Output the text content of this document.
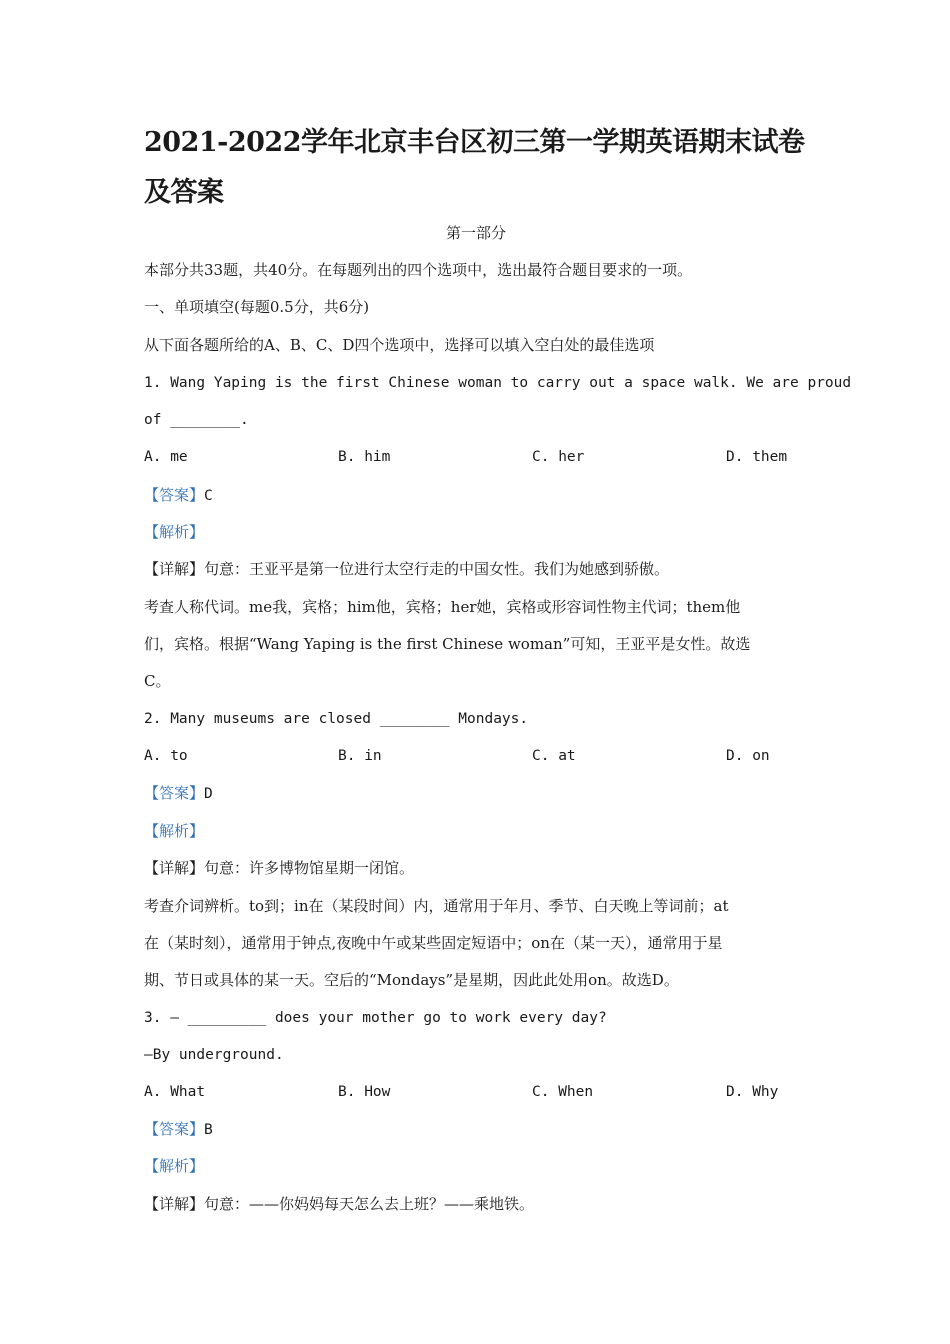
2021-2022学年北京丰台区初三第一学期英语期末试卷及答案
第一部分
本部分共33题，共40分。在每题列出的四个选项中，选出最符合题目要求的一项。
一、单项填空(每题0.5分，共6分)
从下面各题所给的A、B、C、D四个选项中，选择可以填入空白处的最佳选项
1. Wang Yaping is the first Chinese woman to carry out a space walk. We are proud
of ________.
A. me	B. him	C. her	D. them
【答案】C
【解析】
【详解】句意：王亚平是第一位进行太空行走的中国女性。我们为她感到骄傲。
考查人称代词。me我，宾格；him他，宾格；her她，宾格或形容词性物主代词；them他
们，宾格。根据“Wang Yaping is the first Chinese woman”可知，王亚平是女性。故选
C。
2. Many museums are closed ________ Mondays.
A. to	B. in	C. at	D. on
【答案】D
【解析】
【详解】句意：许多博物馆星期一闭馆。
考查介词辨析。to到；in在（某段时间）内，通常用于年月、季节、白天晚上等词前；at
在（某时刻），通常用于钟点,夜晚中午或某些固定短语中；on在（某一天），通常用于星
期、节日或具体的某一天。空后的“Mondays”是星期，因此此处用on。故选D。
3. — _________ does your mother go to work every day?
—By underground.
A. What	B. How	C. When	D. Why
【答案】B
【解析】
【详解】句意：——你妈妈每天怎么去上班？——乘地铁。
